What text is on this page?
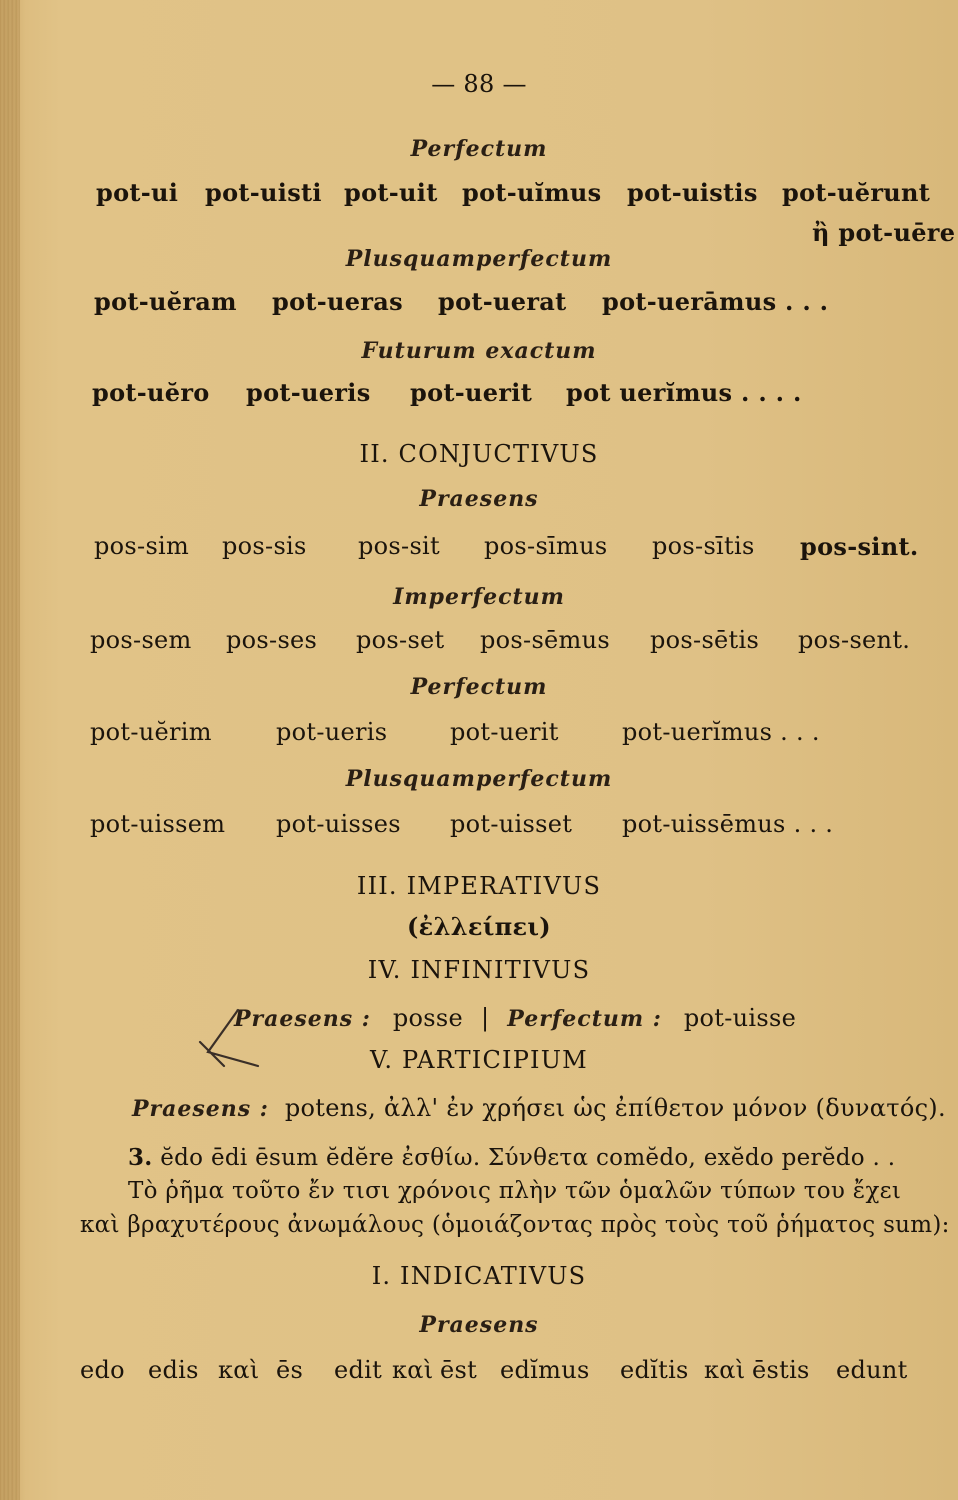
— 88 —
Perfectum
pot-ui pot-uisti pot-uit pot-uĭmus pot-uistis pot-uĕrunt
ἢ pot-uēre
Plusquamperfectum
pot-uĕram pot-ueras pot-uerat pot-uerāmus . . .
Futurum exactum
pot-uĕro pot-ueris pot-uerit pot uerĭmus . . . .
II. CONJUCTIVUS
Praesens
pos-sim pos-sis pos-sit pos-sīmus pos-sītis pos-sint.
Imperfectum
pos-sem pos-ses pos-set pos-sēmus pos-sētis pos-sent.
Perfectum
pot-uĕrim	pot-ueris	pot-uerit	pot-uerĭmus . . .
Plusquamperfectum
pot-uissem pot-uisses pot-uisset pot-uissēmus . . .
III. IMPERATIVUS
(ἐλλείπει)
IV. INFINITIVUS
Praesens : posse | Perfectum : pot-uisse
V. PARTICIPIUM
Praesens : potens, ἀλλ' ἐν χρήσει ὡς ἐπίθετον μόνον (δυνατός).
3. ĕdo ēdi ēsum ĕdĕre ἐσθίω. Σύνθετα comĕdo, exĕdo perĕdo . .
Τὸ ῥῆμα τοῦτο ἔν τισι χρόνοις πλὴν τῶν ὁμαλῶν τύπων του ἔχει
καὶ βραχυτέρους ἀνωμάλους (ὁμοιάζοντας πρὸς τοὺς τοῦ ῥήματος sum):
I. INDICATIVUS
Praesens
edo edis καὶ ēs edit καὶ ēst edĭmus edĭtis καὶ ēstis edunt
